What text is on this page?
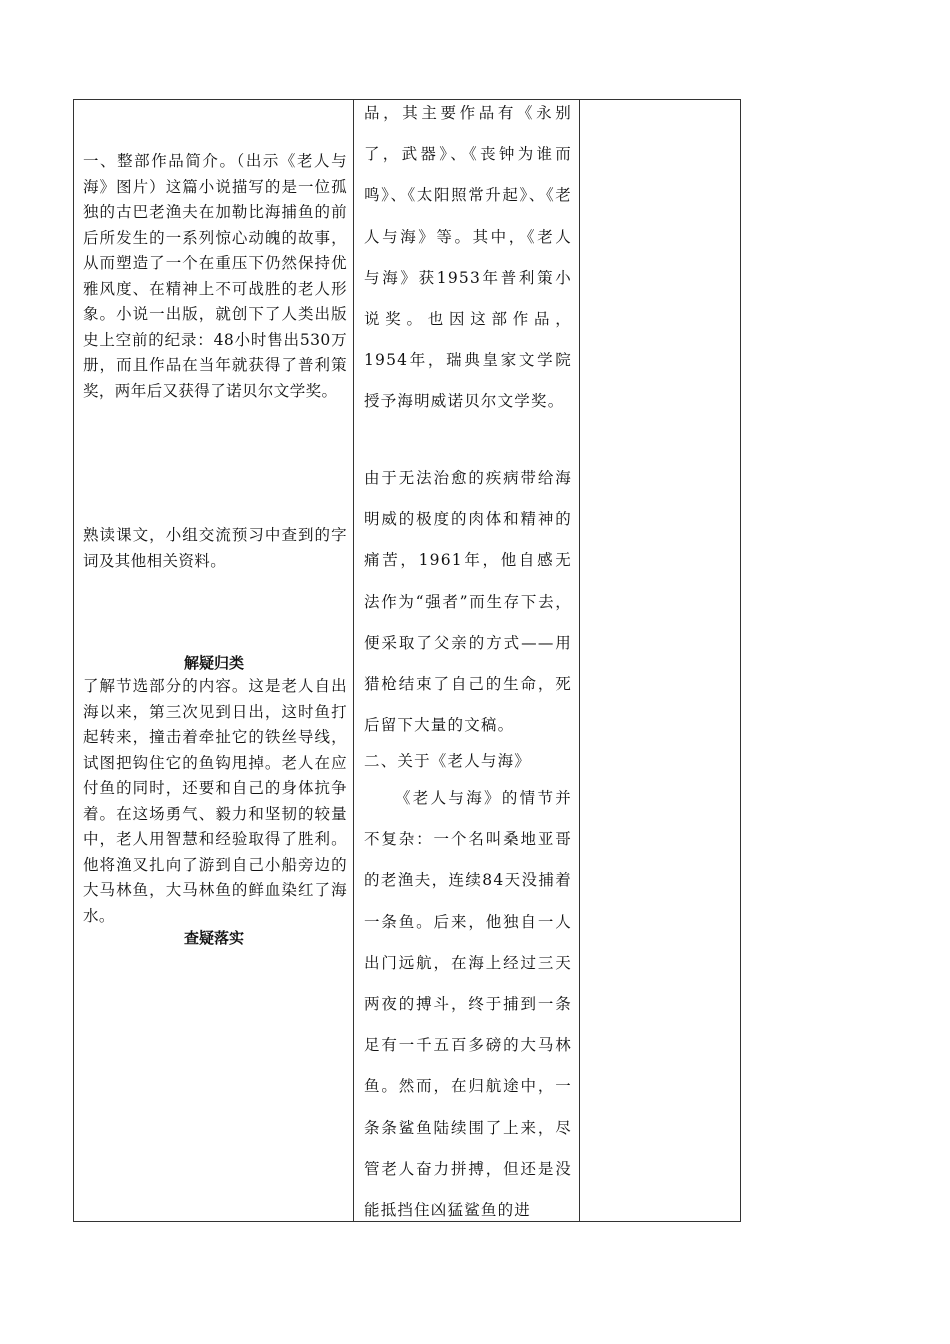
一、整部作品简介。（出示《老人与海》图片）这篇小说描写的是一位孤独的古巴老渔夫在加勒比海捕鱼的前后所发生的一系列惊心动魄的故事，从而塑造了一个在重压下仍然保持优雅风度、在精神上不可战胜的老人形象。小说一出版，就创下了人类出版史上空前的纪录：48小时售出530万册，而且作品在当年就获得了普利策奖，两年后又获得了诺贝尔文学奖。

熟读课文，小组交流预习中查到的字词及其他相关资料。

解疑归类

了解节选部分的内容。这是老人自出海以来，第三次见到日出，这时鱼打起转来，撞击着牵扯它的铁丝导线，试图把钩住它的鱼钩甩掉。老人在应付鱼的同时，还要和自己的身体抗争着。在这场勇气、毅力和坚韧的较量中，老人用智慧和经验取得了胜利。他将渔叉扎向了游到自己小船旁边的大马林鱼，大马林鱼的鲜血染红了海水。

查疑落实

品，其主要作品有《永别了，武器》、《丧钟为谁而鸣》、《太阳照常升起》、《老人与海》等。其中，《老人与海》获1953年普利策小说奖。也因这部作品，1954年，瑞典皇家文学院授予海明威诺贝尔文学奖。

由于无法治愈的疾病带给海明威的极度的肉体和精神的痛苦，1961年，他自感无法作为“强者”而生存下去，便采取了父亲的方式——用猎枪结束了自己的生命，死后留下大量的文稿。

二、关于《老人与海》

《老人与海》的情节并不复杂：一个名叫桑地亚哥的老渔夫，连续84天没捕着一条鱼。后来，他独自一人出门远航，在海上经过三天两夜的搏斗，终于捕到一条足有一千五百多磅的大马林鱼。然而，在归航途中，一条条鲨鱼陆续围了上来，尽管老人奋力拼搏，但还是没能抵挡住凶猛鲨鱼的进
